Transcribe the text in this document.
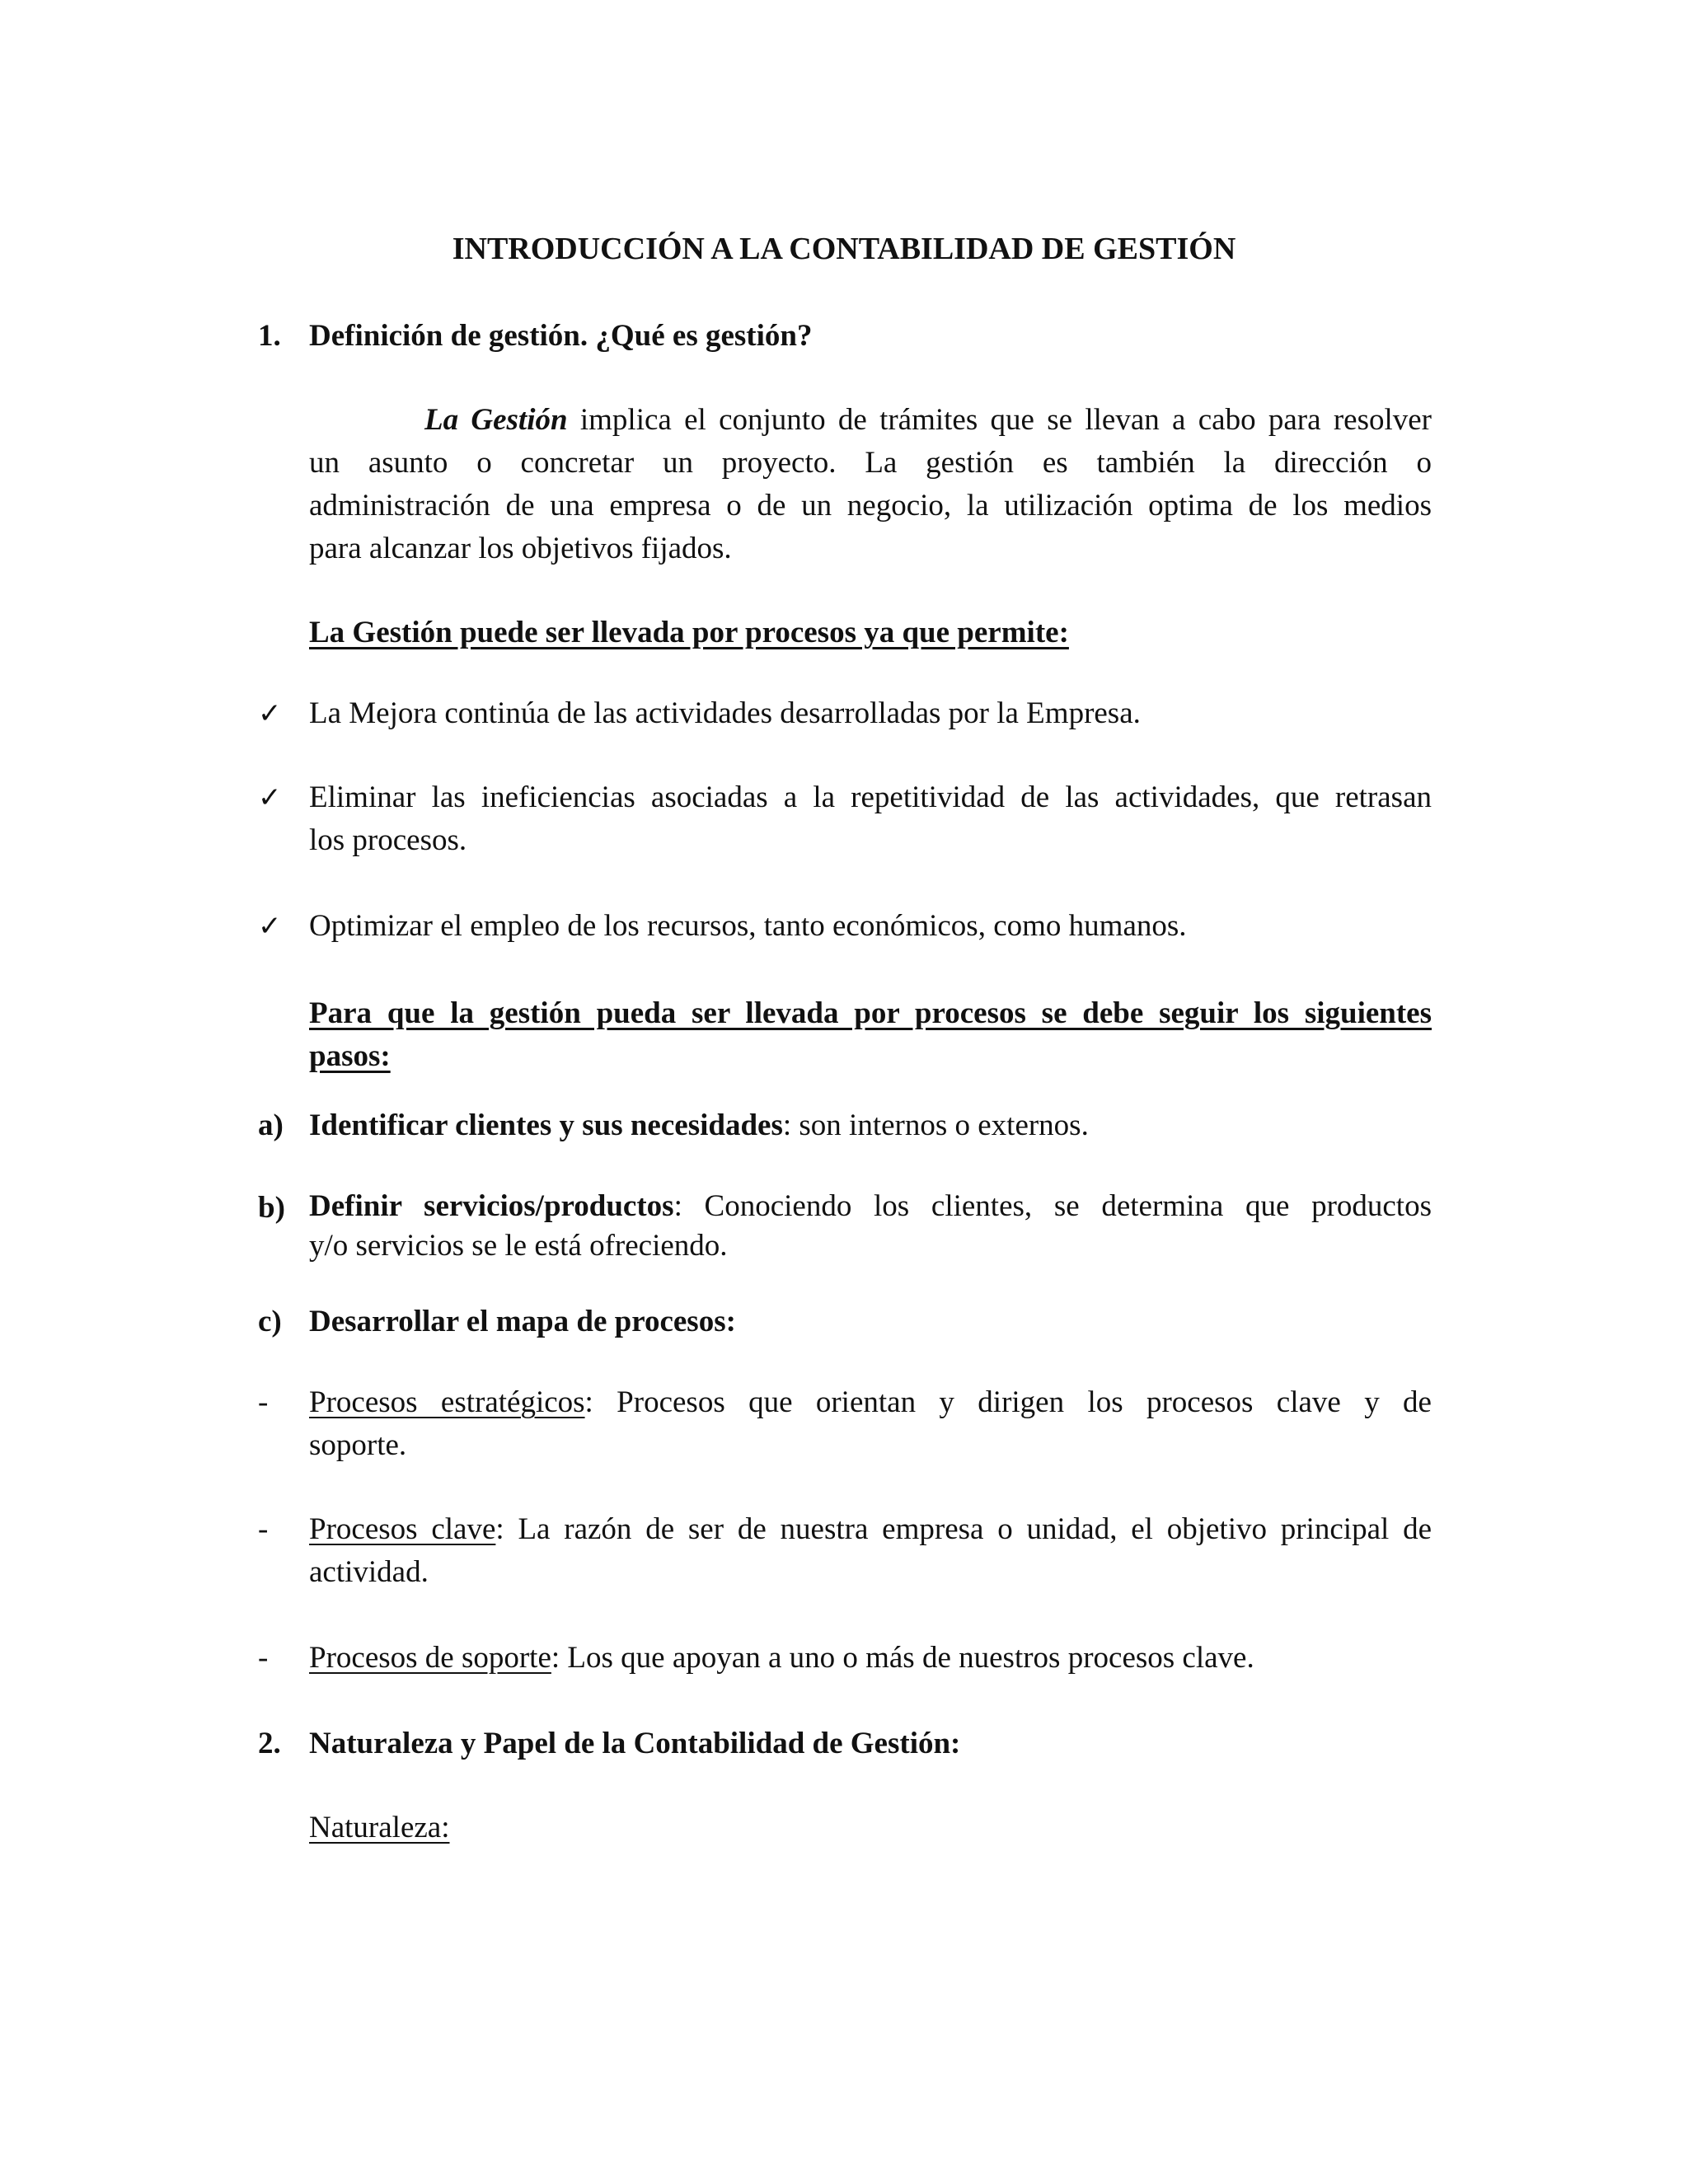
INTRODUCCIÓN A LA CONTABILIDAD DE GESTIÓN
1. Definición de gestión. ¿Qué es gestión?
La Gestión implica el conjunto de trámites que se llevan a cabo para resolver
un asunto o concretar un proyecto. La gestión es también la dirección o
administración de una empresa o de un negocio, la utilización optima de los medios
para alcanzar los objetivos fijados.
La Gestión puede ser llevada por procesos ya que permite:
✓ La Mejora continúa de las actividades desarrolladas por la Empresa.
✓ Eliminar las ineficiencias asociadas a la repetitividad de las actividades, que retrasan
los procesos.
✓ Optimizar el empleo de los recursos, tanto económicos, como humanos.
Para que la gestión pueda ser llevada por procesos se debe seguir los siguientes
pasos:
a) Identificar clientes y sus necesidades: son internos o externos.
b) Definir servicios/productos: Conociendo los clientes, se determina que productos
y/o servicios se le está ofreciendo.
c) Desarrollar el mapa de procesos:
- Procesos estratégicos: Procesos que orientan y dirigen los procesos clave y de
soporte.
- Procesos clave: La razón de ser de nuestra empresa o unidad, el objetivo principal de
actividad.
- Procesos de soporte: Los que apoyan a uno o más de nuestros procesos clave.
2. Naturaleza y Papel de la Contabilidad de Gestión:
Naturaleza:
